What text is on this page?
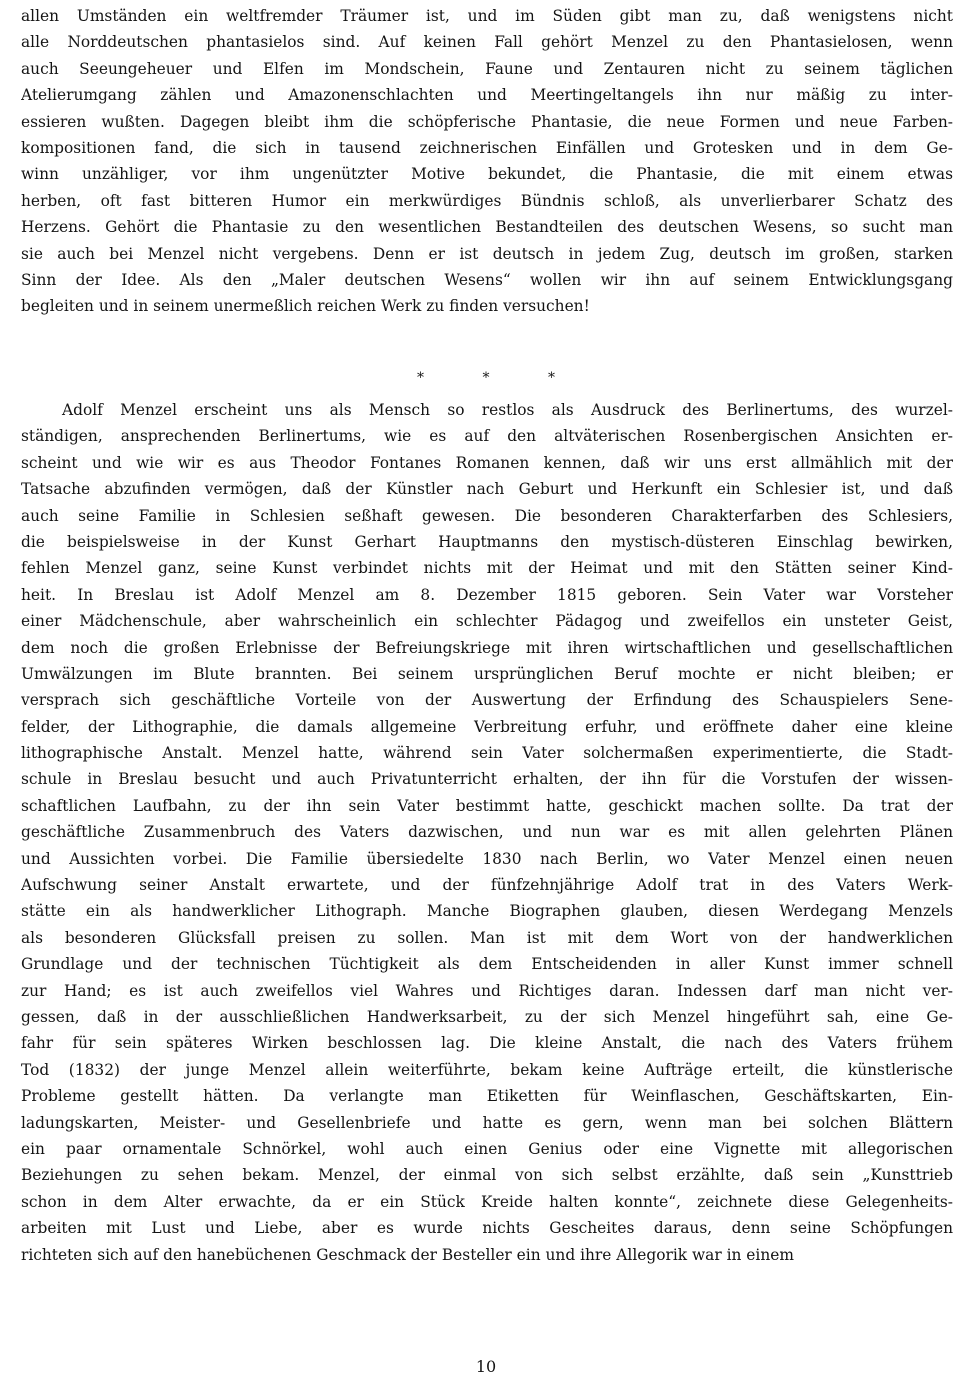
allen Umständen ein weltfremder Träumer ist, und im Süden gibt man zu, daß wenigstens nicht
alle Norddeutschen phantasielos sind. Auf keinen Fall gehört Menzel zu den Phantasielosen, wenn
auch Seeungeheuer und Elfen im Mondschein, Faune und Zentauren nicht zu seinem täglichen
Atelierumgang zählen und Amazonenschlachten und Meertingeltangels ihn nur mäßig zu inter-
essieren wußten. Dagegen bleibt ihm die schöpferische Phantasie, die neue Formen und neue Farben-
kompositionen fand, die sich in tausend zeichnerischen Einfällen und Grotesken und in dem Ge-
winn unzähliger, vor ihm ungenützter Motive bekundet, die Phantasie, die mit einem etwas
herben, oft fast bitteren Humor ein merkwürdiges Bündnis schloß, als unverlierbarer Schatz des
Herzens. Gehört die Phantasie zu den wesentlichen Bestandteilen des deutschen Wesens, so sucht man
sie auch bei Menzel nicht vergebens. Denn er ist deutsch in jedem Zug, deutsch im großen, starken
Sinn der Idee. Als den „Maler deutschen Wesens“ wollen wir ihn auf seinem Entwicklungsgang
begleiten und in seinem unermeßlich reichen Werk zu finden versuchen!
* * *
Adolf Menzel erscheint uns als Mensch so restlos als Ausdruck des Berlinertums, des wurzel-
ständigen, ansprechenden Berlinertums, wie es auf den altväterischen Rosenbergischen Ansichten er-
scheint und wie wir es aus Theodor Fontanes Romanen kennen, daß wir uns erst allmählich mit der
Tatsache abzufinden vermögen, daß der Künstler nach Geburt und Herkunft ein Schlesier ist, und daß
auch seine Familie in Schlesien seßhaft gewesen. Die besonderen Charakterfarben des Schlesiers,
die beispielsweise in der Kunst Gerhart Hauptmanns den mystisch-düsteren Einschlag bewirken,
fehlen Menzel ganz, seine Kunst verbindet nichts mit der Heimat und mit den Stätten seiner Kind-
heit. In Breslau ist Adolf Menzel am 8. Dezember 1815 geboren. Sein Vater war Vorsteher
einer Mädchenschule, aber wahrscheinlich ein schlechter Pädagog und zweifellos ein unsteter Geist,
dem noch die großen Erlebnisse der Befreiungskriege mit ihren wirtschaftlichen und gesellschaftlichen
Umwälzungen im Blute brannten. Bei seinem ursprünglichen Beruf mochte er nicht bleiben; er
versprach sich geschäftliche Vorteile von der Auswertung der Erfindung des Schauspielers Sene-
felder, der Lithographie, die damals allgemeine Verbreitung erfuhr, und eröffnete daher eine kleine
lithographische Anstalt. Menzel hatte, während sein Vater solchermaßen experimentierte, die Stadt-
schule in Breslau besucht und auch Privatunterricht erhalten, der ihn für die Vorstufen der wissen-
schaftlichen Laufbahn, zu der ihn sein Vater bestimmt hatte, geschickt machen sollte. Da trat der
geschäftliche Zusammenbruch des Vaters dazwischen, und nun war es mit allen gelehrten Plänen
und Aussichten vorbei. Die Familie übersiedelte 1830 nach Berlin, wo Vater Menzel einen neuen
Aufschwung seiner Anstalt erwartete, und der fünfzehnjährige Adolf trat in des Vaters Werk-
stätte ein als handwerklicher Lithograph. Manche Biographen glauben, diesen Werdegang Menzels
als besonderen Glücksfall preisen zu sollen. Man ist mit dem Wort von der handwerklichen
Grundlage und der technischen Tüchtigkeit als dem Entscheidenden in aller Kunst immer schnell
zur Hand; es ist auch zweifellos viel Wahres und Richtiges daran. Indessen darf man nicht ver-
gessen, daß in der ausschließlichen Handwerksarbeit, zu der sich Menzel hingeführt sah, eine Ge-
fahr für sein späteres Wirken beschlossen lag. Die kleine Anstalt, die nach des Vaters frühem
Tod (1832) der junge Menzel allein weiterführte, bekam keine Aufträge erteilt, die künstlerische
Probleme gestellt hätten. Da verlangte man Etiketten für Weinflaschen, Geschäftskarten, Ein-
ladungskarten, Meister- und Gesellenbriefe und hatte es gern, wenn man bei solchen Blättern
ein paar ornamentale Schnörkel, wohl auch einen Genius oder eine Vignette mit allegorischen
Beziehungen zu sehen bekam. Menzel, der einmal von sich selbst erzählte, daß sein „Kunsttrieb
schon in dem Alter erwachte, da er ein Stück Kreide halten konnte“, zeichnete diese Gelegenheits-
arbeiten mit Lust und Liebe, aber es wurde nichts Gescheites daraus, denn seine Schöpfungen
richteten sich auf den hanebüchenen Geschmack der Besteller ein und ihre Allegorik war in einem
10
